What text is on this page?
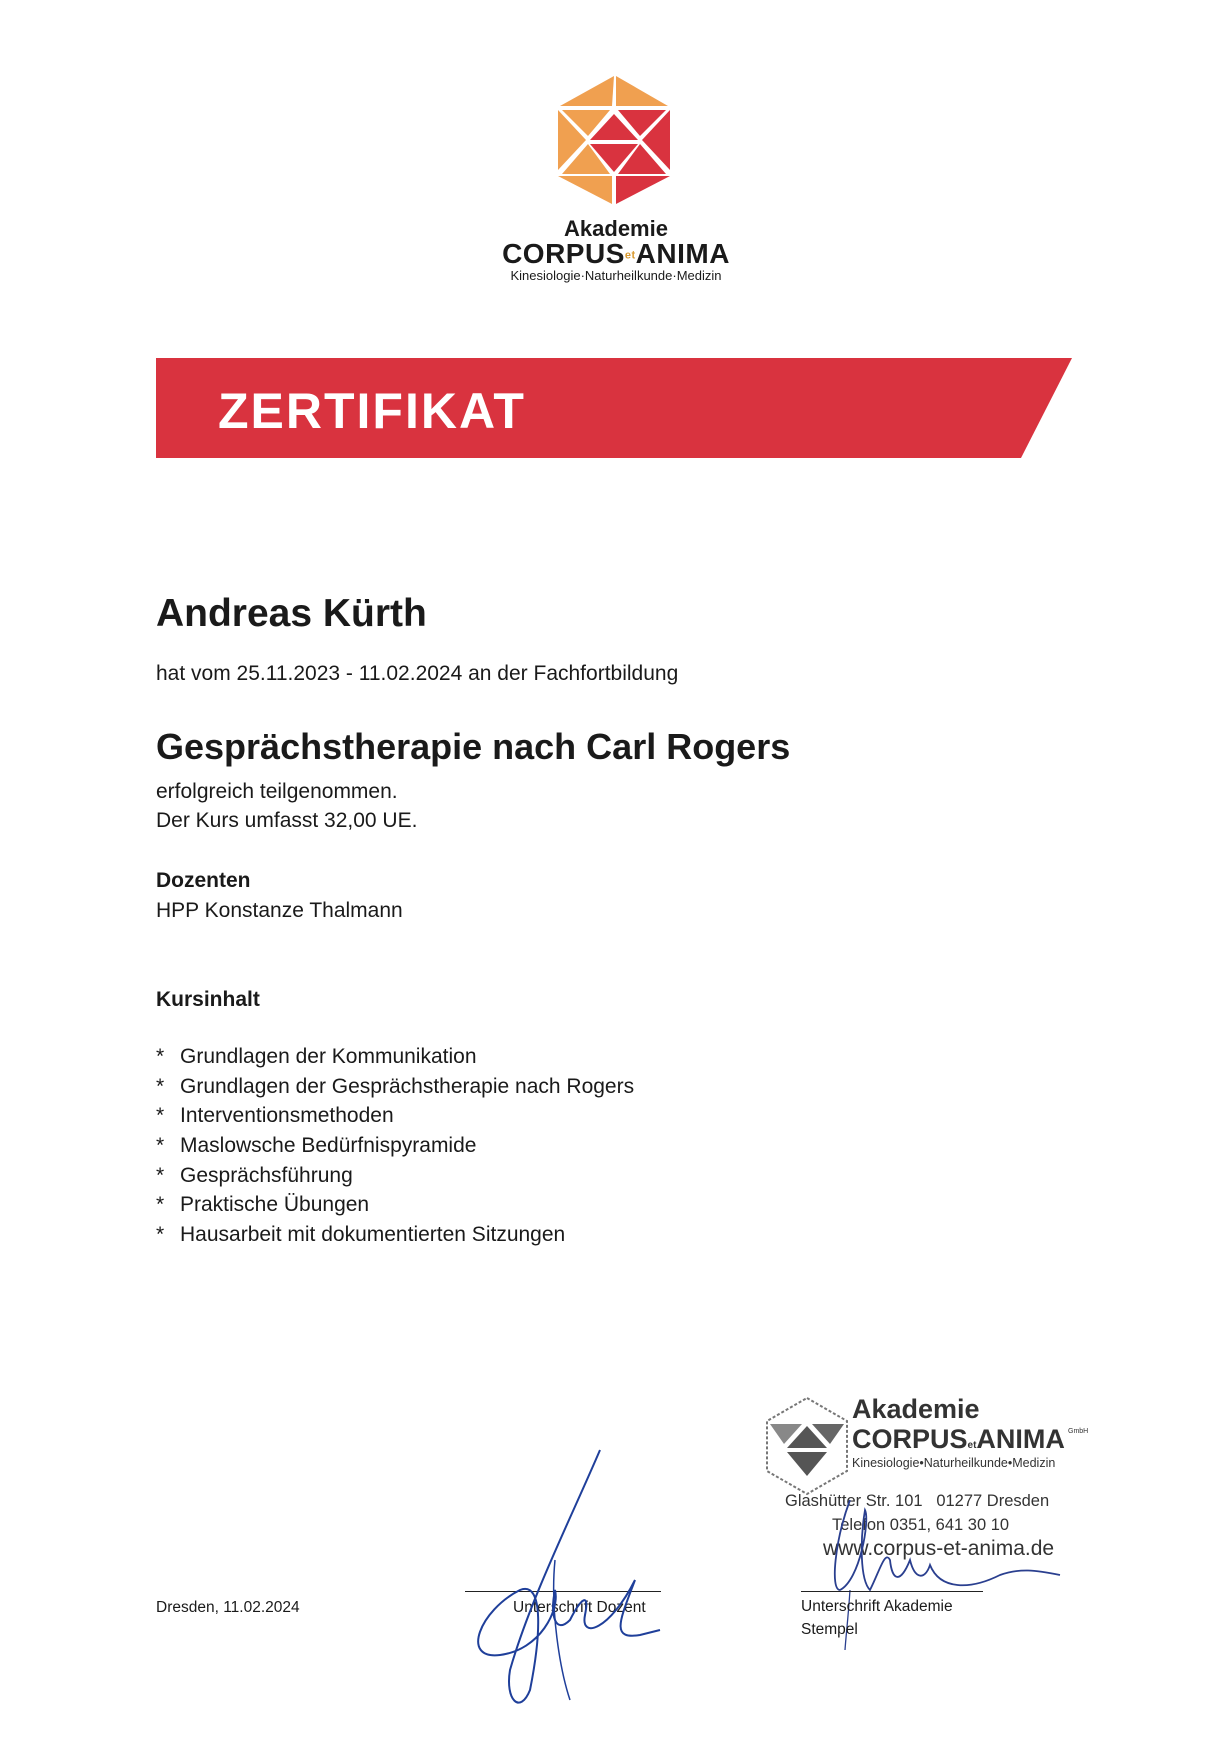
Akademie
CORPUSetANIMA
Kinesiologie·Naturheilkunde·Medizin
ZERTIFIKAT
Andreas Kürth
hat vom 25.11.2023 - 11.02.2024 an der Fachfortbildung
Gesprächstherapie nach Carl Rogers
erfolgreich teilgenommen.
Der Kurs umfasst 32,00 UE.
Dozenten
HPP Konstanze Thalmann
Kursinhalt
* Grundlagen der Kommunikation
* Grundlagen der Gesprächstherapie nach Rogers
* Interventionsmethoden
* Maslowsche Bedürfnispyramide
* Gesprächsführung
* Praktische Übungen
* Hausarbeit mit dokumentierten Sitzungen
Dresden, 11.02.2024	Unterschrift Dozent
Akademie
GmbH
CORPUSetANIMA
Kinesiologie•Naturheilkunde•Medizin
Glashütter Str. 101   01277 Dresden
Telefon 0351, 641 30 10
www.corpus-et-anima.de
Unterschrift Akademie
Stempel
